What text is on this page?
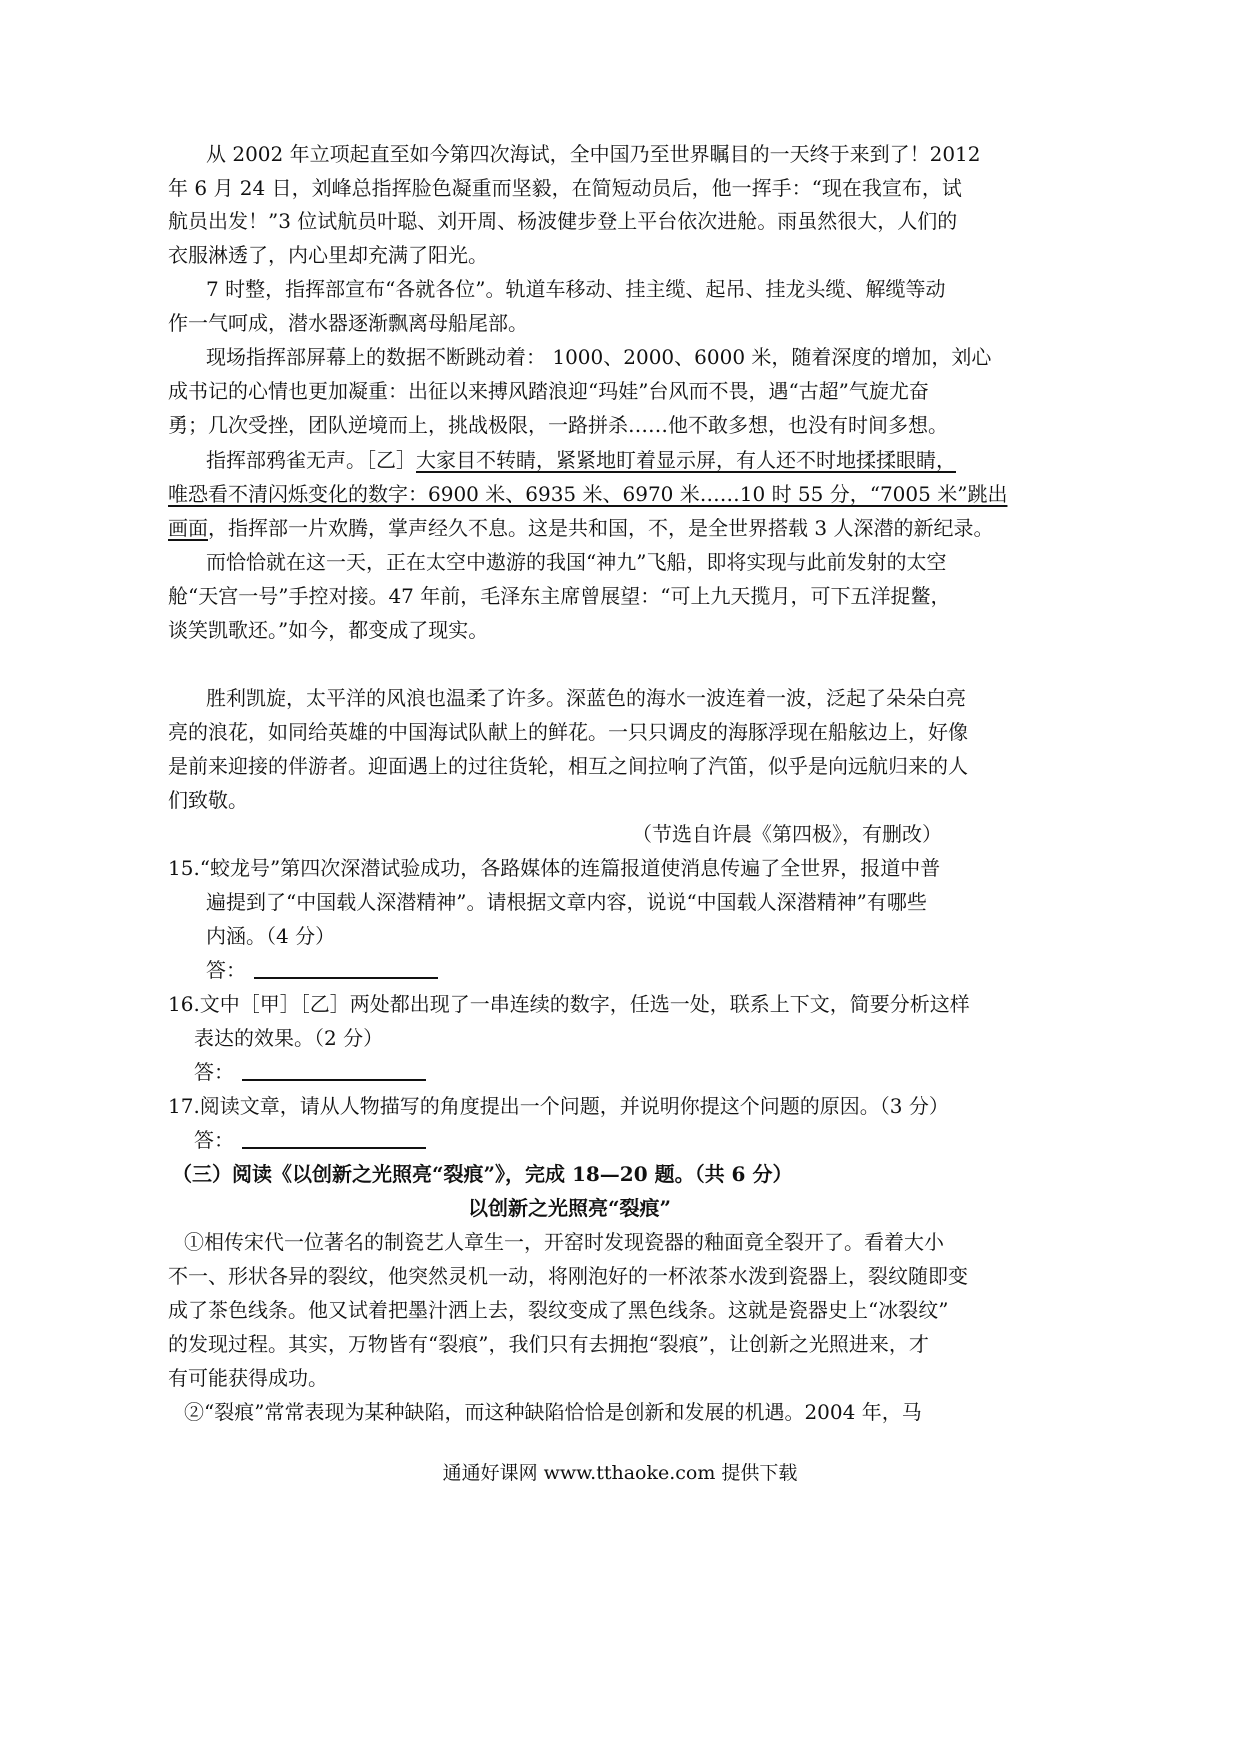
从 2002 年立项起直至如今第四次海试，全中国乃至世界瞩目的一天终于来到了！2012
年 6 月 24 日，刘峰总指挥脸色凝重而坚毅，在简短动员后，他一挥手：“现在我宣布，试
航员出发！”3 位试航员叶聪、刘开周、杨波健步登上平台依次进舱。雨虽然很大，人们的
衣服淋透了，内心里却充满了阳光。
7 时整，指挥部宣布“各就各位”。轨道车移动、挂主缆、起吊、挂龙头缆、解缆等动
作一气呵成，潜水器逐渐飘离母船尾部。
现场指挥部屏幕上的数据不断跳动着： 1000、2000、6000 米，随着深度的增加，刘心
成书记的心情也更加凝重：出征以来搏风踏浪迎“玛娃”台风而不畏，遇“古超”气旋尤奋
勇；几次受挫，团队逆境而上，挑战极限，一路拼杀……他不敢多想，也没有时间多想。
指挥部鸦雀无声。［乙］大家目不转睛，紧紧地盯着显示屏，有人还不时地揉揉眼睛，
唯恐看不清闪烁变化的数字：6900 米、6935 米、6970 米……10 时 55 分，“7005 米”跳出
画面，指挥部一片欢腾，掌声经久不息。这是共和国，不，是全世界搭载 3 人深潜的新纪录。
而恰恰就在这一天，正在太空中遨游的我国“神九”飞船，即将实现与此前发射的太空
舱“天宫一号”手控对接。47 年前，毛泽东主席曾展望：“可上九天揽月，可下五洋捉鳖，
谈笑凯歌还。”如今，都变成了现实。
胜利凯旋，太平洋的风浪也温柔了许多。深蓝色的海水一波连着一波，泛起了朵朵白亮
亮的浪花，如同给英雄的中国海试队献上的鲜花。一只只调皮的海豚浮现在船舷边上，好像
是前来迎接的伴游者。迎面遇上的过往货轮，相互之间拉响了汽笛，似乎是向远航归来的人
们致敬。
（节选自许晨《第四极》，有删改）
15.“蛟龙号”第四次深潜试验成功，各路媒体的连篇报道使消息传遍了全世界，报道中普
遍提到了“中国载人深潜精神”。请根据文章内容，说说“中国载人深潜精神”有哪些
内涵。（4 分）
答：
16.文中［甲］［乙］两处都出现了一串连续的数字，任选一处，联系上下文，简要分析这样
表达的效果。（2 分）
答：
17.阅读文章，请从人物描写的角度提出一个问题，并说明你提这个问题的原因。（3 分）
答：
（三）阅读《以创新之光照亮“裂痕”》，完成 18—20 题。（共 6 分）
以创新之光照亮“裂痕”
①相传宋代一位著名的制瓷艺人章生一，开窑时发现瓷器的釉面竟全裂开了。看着大小
不一、形状各异的裂纹，他突然灵机一动，将刚泡好的一杯浓茶水泼到瓷器上，裂纹随即变
成了茶色线条。他又试着把墨汁洒上去，裂纹变成了黑色线条。这就是瓷器史上“冰裂纹”
的发现过程。其实，万物皆有“裂痕”，我们只有去拥抱“裂痕”，让创新之光照进来，才
有可能获得成功。
②“裂痕”常常表现为某种缺陷，而这种缺陷恰恰是创新和发展的机遇。2004 年，马
通通好课网 www.tthaoke.com 提供下载
